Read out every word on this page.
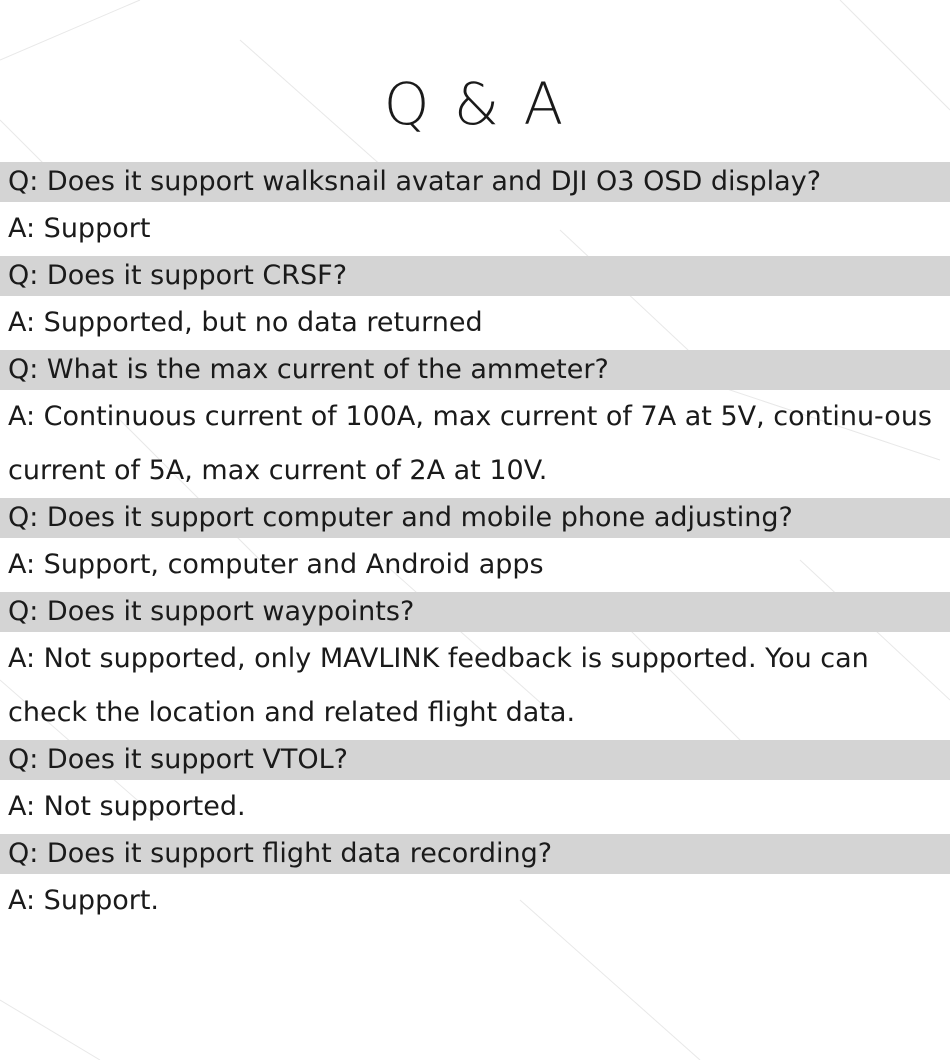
Q & A
Q: Does it support walksnail avatar and DJI O3 OSD display?
A: Support
Q: Does it support CRSF?
A: Supported, but no data returned
Q: What is the max current of the ammeter?
A: Continuous current of 100A, max current of 7A at 5V, continu-ous current of 5A, max current of 2A at 10V.
Q: Does it support computer and mobile phone adjusting?
A: Support, computer and Android apps
Q: Does it support waypoints?
A: Not supported, only MAVLINK feedback is supported. You can check the location and related flight data.
Q: Does it support VTOL?
A: Not supported.
Q: Does it support flight data recording?
A: Support.
